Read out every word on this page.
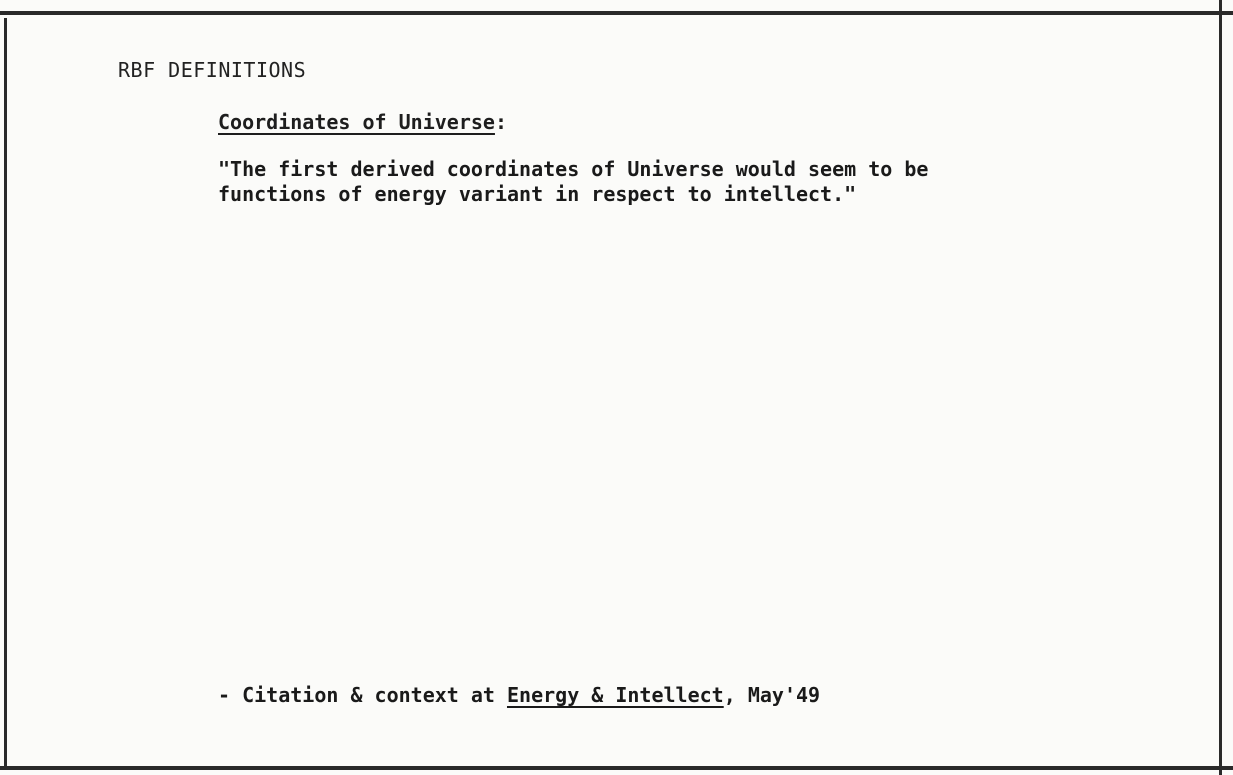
RBF DEFINITIONS
Coordinates of Universe:
"The first derived coordinates of Universe would seem to be
functions of energy variant in respect to intellect."
- Citation & context at Energy & Intellect, May'49
